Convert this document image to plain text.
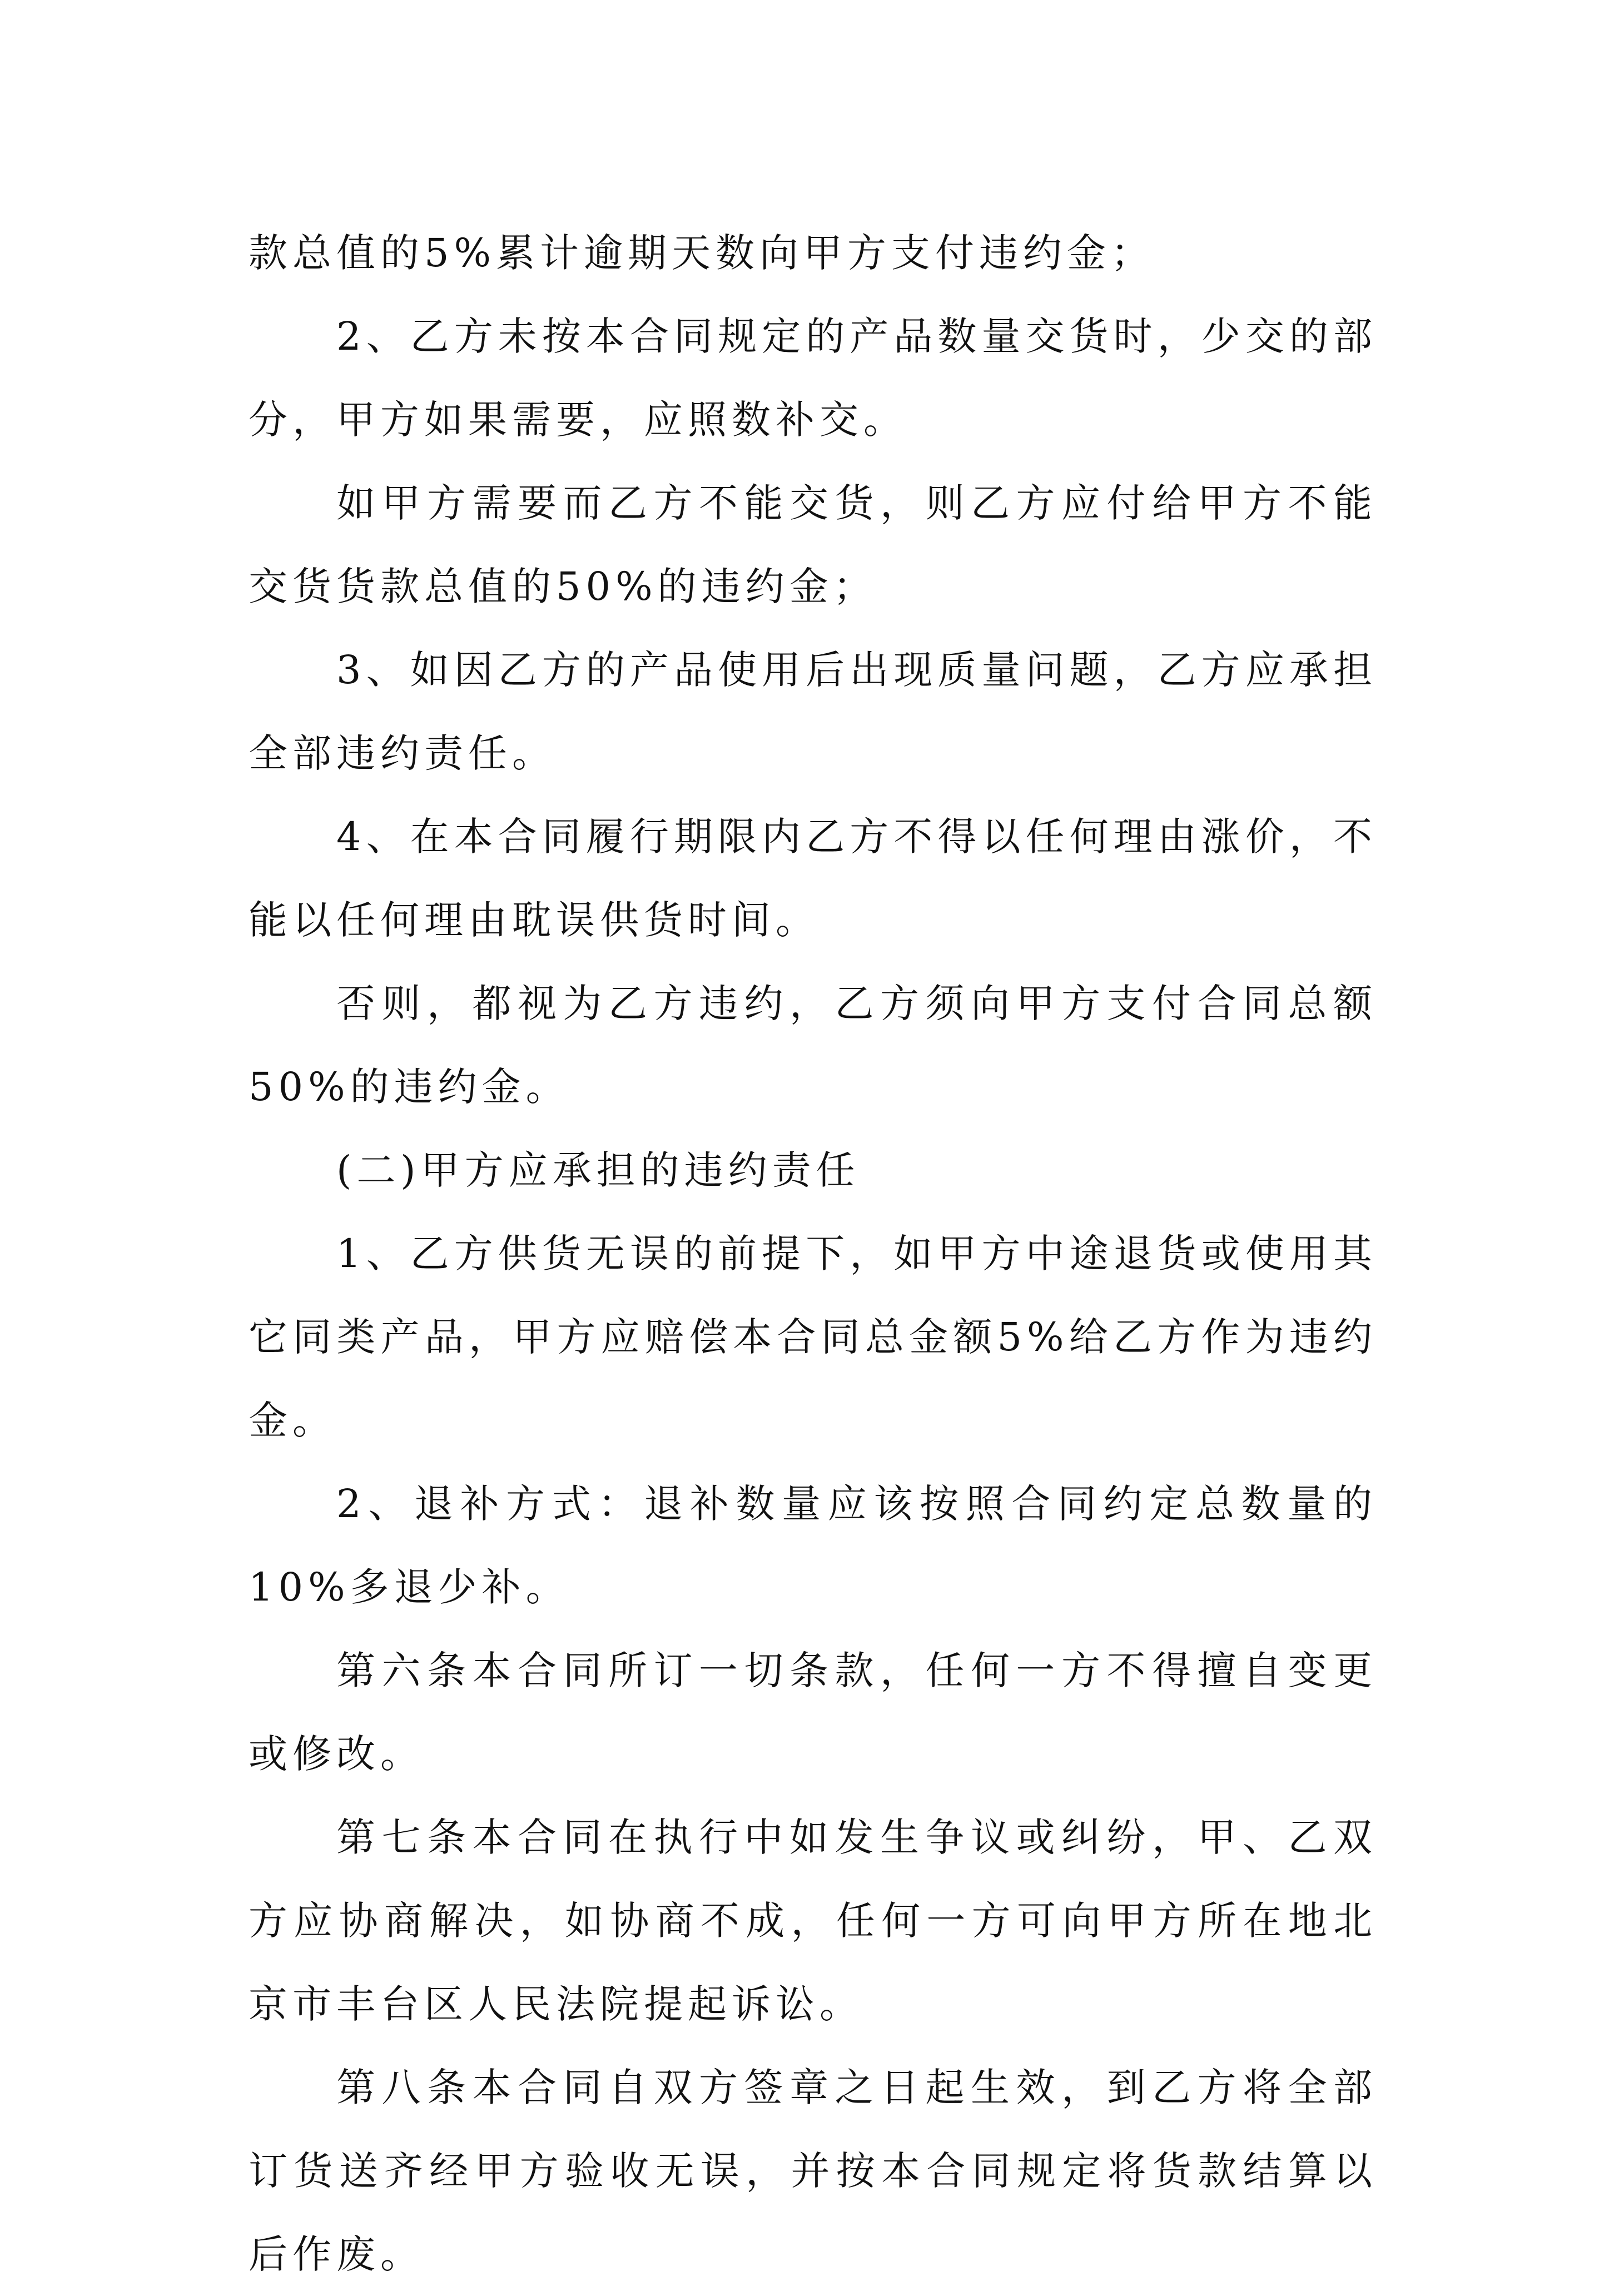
款总值的5%累计逾期天数向甲方支付违约金；

2、乙方未按本合同规定的产品数量交货时，少交的部分，甲方如果需要，应照数补交。

如甲方需要而乙方不能交货，则乙方应付给甲方不能交货货款总值的50%的违约金；

3、如因乙方的产品使用后出现质量问题，乙方应承担全部违约责任。

4、在本合同履行期限内乙方不得以任何理由涨价，不能以任何理由耽误供货时间。

否则，都视为乙方违约，乙方须向甲方支付合同总额50%的违约金。

(二)甲方应承担的违约责任

1、乙方供货无误的前提下，如甲方中途退货或使用其它同类产品，甲方应赔偿本合同总金额5%给乙方作为违约金。

2、退补方式：退补数量应该按照合同约定总数量的10%多退少补。

第六条本合同所订一切条款，任何一方不得擅自变更或修改。

第七条本合同在执行中如发生争议或纠纷，甲、乙双方应协商解决，如协商不成，任何一方可向甲方所在地北京市丰台区人民法院提起诉讼。

第八条本合同自双方签章之日起生效，到乙方将全部订货送齐经甲方验收无误，并按本合同规定将货款结算以后作废。
